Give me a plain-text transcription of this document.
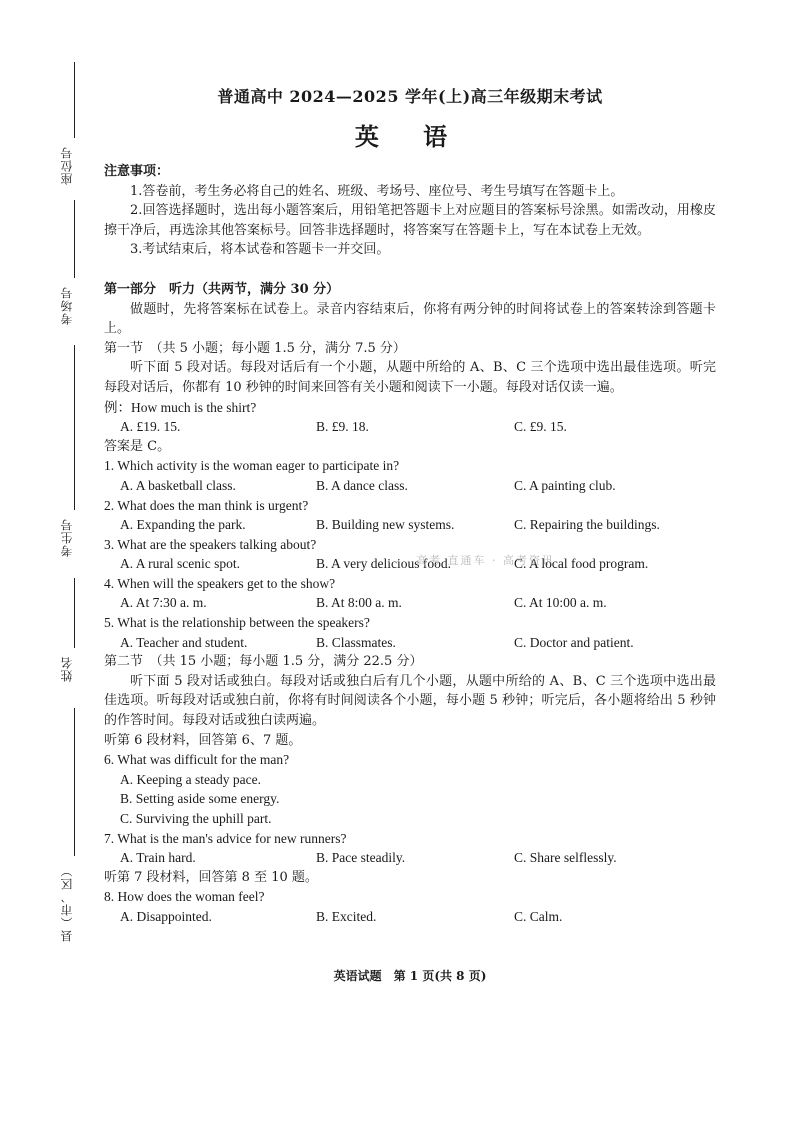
座位号
考场号
考生号
姓名
县（市、区）
普通高中 2024—2025 学年(上)高三年级期末考试
英 语
注意事项：
1.答卷前，考生务必将自己的姓名、班级、考场号、座位号、考生号填写在答题卡上。
2.回答选择题时，选出每小题答案后，用铅笔把答题卡上对应题目的答案标号涂黑。如需改动，用橡皮擦干净后，再选涂其他答案标号。回答非选择题时，将答案写在答题卡上，写在本试卷上无效。
3.考试结束后，将本试卷和答题卡一并交回。
第一部分　听力（共两节，满分 30 分）
做题时，先将答案标在试卷上。录音内容结束后，你将有两分钟的时间将试卷上的答案转涂到答题卡上。
第一节　（共 5 小题；每小题 1.5 分，满分 7.5 分）
听下面 5 段对话。每段对话后有一个小题，从题中所给的 A、B、C 三个选项中选出最佳选项。听完每段对话后，你都有 10 秒钟的时间来回答有关小题和阅读下一小题。每段对话仅读一遍。
例：How much is the shirt?
A. £19. 15.	B. £9. 18.	C. £9. 15.
答案是 C。
1. Which activity is the woman eager to participate in?
A. A basketball class.	B. A dance class.	C. A painting club.
2. What does the man think is urgent?
A. Expanding the park.	B. Building new systems.	C. Repairing the buildings.
3. What are the speakers talking about?
A. A rural scenic spot.	B. A very delicious food.	C. A local food program.
4. When will the speakers get to the show?
A. At 7:30 a. m.	B. At 8:00 a. m.	C. At 10:00 a. m.
5. What is the relationship between the speakers?
A. Teacher and student.	B. Classmates.	C. Doctor and patient.
第二节　（共 15 小题；每小题 1.5 分，满分 22.5 分）
听下面 5 段对话或独白。每段对话或独白后有几个小题，从题中所给的 A、B、C 三个选项中选出最佳选项。听每段对话或独白前，你将有时间阅读各个小题，每小题 5 秒钟；听完后，各小题将给出 5 秒钟的作答时间。每段对话或独白读两遍。
听第 6 段材料，回答第 6、7 题。
6. What was difficult for the man?
A. Keeping a steady pace.
B. Setting aside some energy.
C. Surviving the uphill part.
7. What is the man's advice for new runners?
A. Train hard.	B. Pace steadily.	C. Share selflessly.
听第 7 段材料，回答第 8 至 10 题。
8. How does the woman feel?
A. Disappointed.	B. Excited.	C. Calm.
高考 直通车 · 高考资讯
英语试题　第 1 页(共 8 页)
